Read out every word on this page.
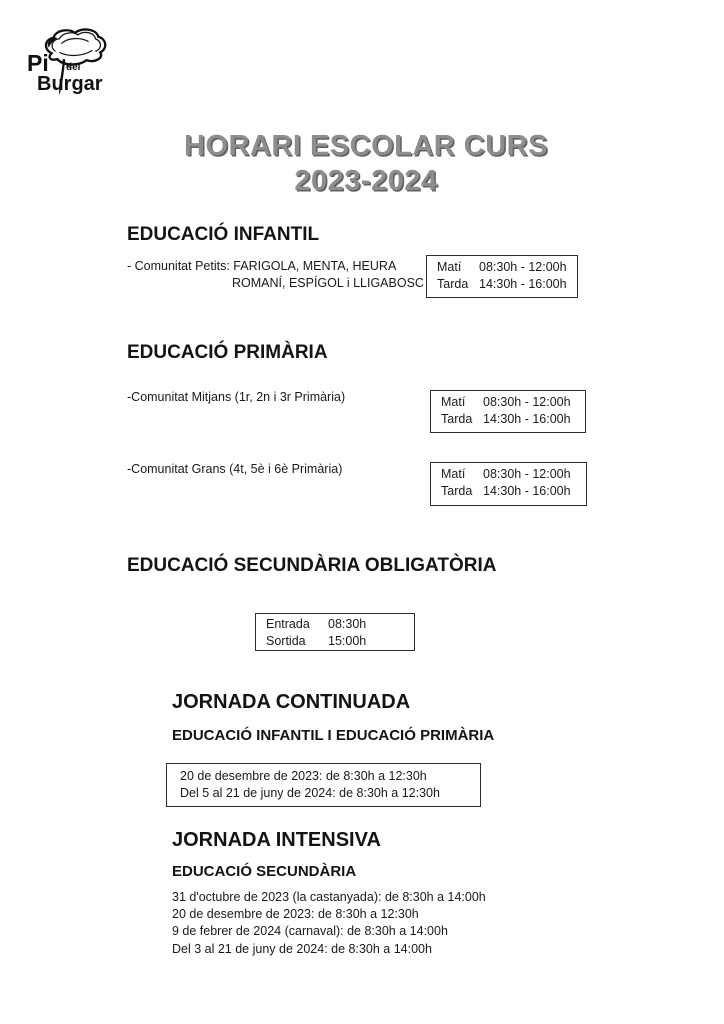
Pi del
Burgar
HORARI ESCOLAR CURS
2023-2024
EDUCACIÓ INFANTIL
- Comunitat Petits: FARIGOLA, MENTA, HEURA
ROMANÍ, ESPÍGOL i LLIGABOSC
Matí 08:30h - 12:00h
Tarda 14:30h - 16:00h
EDUCACIÓ PRIMÀRIA
-Comunitat Mitjans (1r, 2n i 3r Primària)	Matí 08:30h - 12:00h
Tarda 14:30h - 16:00h
-Comunitat Grans (4t, 5è i 6è Primària)	Matí 08:30h - 12:00h
Tarda 14:30h - 16:00h
EDUCACIÓ SECUNDÀRIA OBLIGATÒRIA
Entrada 08:30h
Sortida 15:00h
JORNADA CONTINUADA
EDUCACIÓ INFANTIL I EDUCACIÓ PRIMÀRIA
20 de desembre de 2023: de 8:30h a 12:30h
Del 5 al 21 de juny de 2024: de 8:30h a 12:30h
JORNADA INTENSIVA
EDUCACIÓ SECUNDÀRIA
31 d'octubre de 2023 (la castanyada): de 8:30h a 14:00h
20 de desembre de 2023: de 8:30h a 12:30h
9 de febrer de 2024 (carnaval): de 8:30h a 14:00h
Del 3 al 21 de juny de 2024: de 8:30h a 14:00h
